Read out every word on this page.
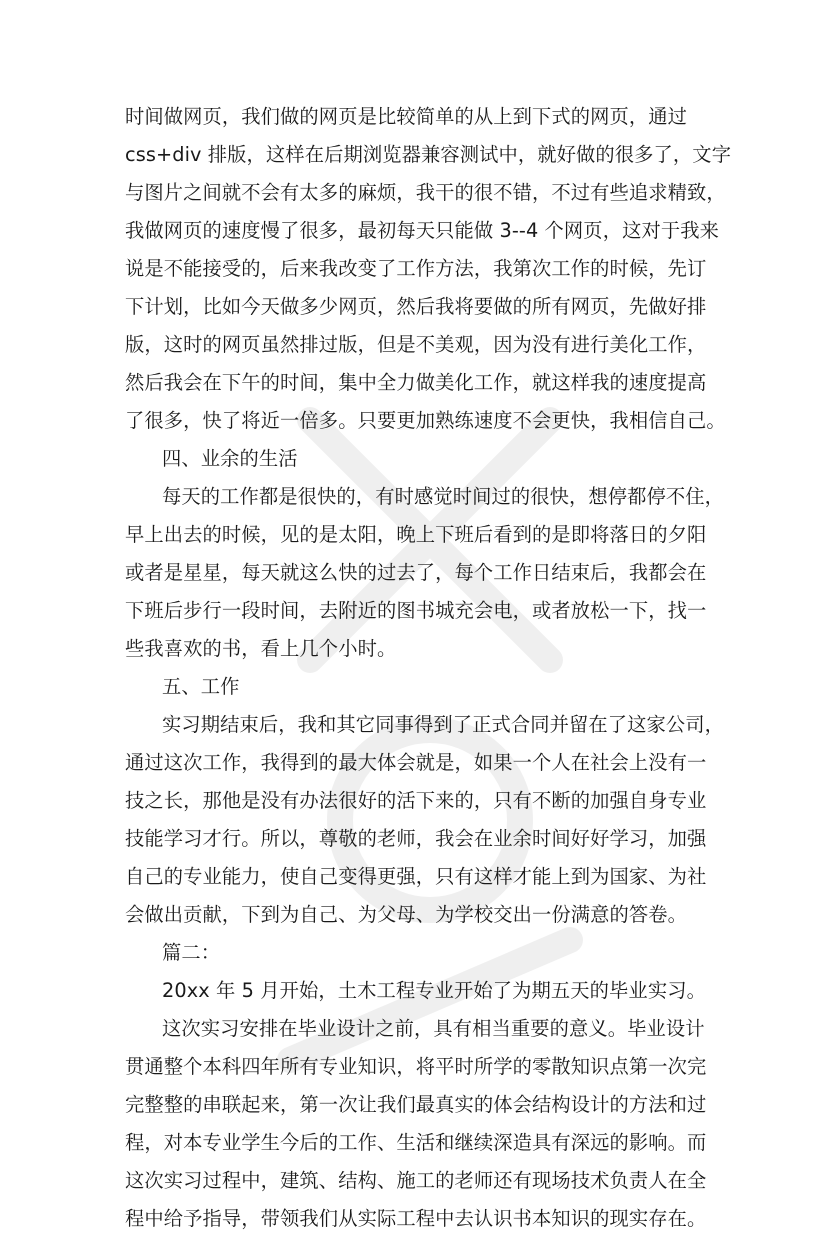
时间做网页，我们做的网页是比较简单的从上到下式的网页，通过
css+div 排版，这样在后期浏览器兼容测试中，就好做的很多了，文字
与图片之间就不会有太多的麻烦，我干的很不错，不过有些追求精致，
我做网页的速度慢了很多，最初每天只能做 3--4 个网页，这对于我来
说是不能接受的，后来我改变了工作方法，我第次工作的时候，先订
下计划，比如今天做多少网页，然后我将要做的所有网页，先做好排
版，这时的网页虽然排过版，但是不美观，因为没有进行美化工作，
然后我会在下午的时间，集中全力做美化工作，就这样我的速度提高
了很多，快了将近一倍多。只要更加熟练速度不会更快，我相信自己。
四、业余的生活
每天的工作都是很快的，有时感觉时间过的很快，想停都停不住，
早上出去的时候，见的是太阳，晚上下班后看到的是即将落日的夕阳
或者是星星，每天就这么快的过去了，每个工作日结束后，我都会在
下班后步行一段时间，去附近的图书城充会电，或者放松一下，找一
些我喜欢的书，看上几个小时。
五、工作
实习期结束后，我和其它同事得到了正式合同并留在了这家公司，
通过这次工作，我得到的最大体会就是，如果一个人在社会上没有一
技之长，那他是没有办法很好的活下来的，只有不断的加强自身专业
技能学习才行。所以，尊敬的老师，我会在业余时间好好学习，加强
自己的专业能力，使自己变得更强，只有这样才能上到为国家、为社
会做出贡献，下到为自己、为父母、为学校交出一份满意的答卷。
篇二：
20xx 年 5 月开始，土木工程专业开始了为期五天的毕业实习。
这次实习安排在毕业设计之前，具有相当重要的意义。毕业设计
贯通整个本科四年所有专业知识，将平时所学的零散知识点第一次完
完整整的串联起来，第一次让我们最真实的体会结构设计的方法和过
程，对本专业学生今后的工作、生活和继续深造具有深远的影响。而
这次实习过程中，建筑、结构、施工的老师还有现场技术负责人在全
程中给予指导，带领我们从实际工程中去认识书本知识的现实存在。
